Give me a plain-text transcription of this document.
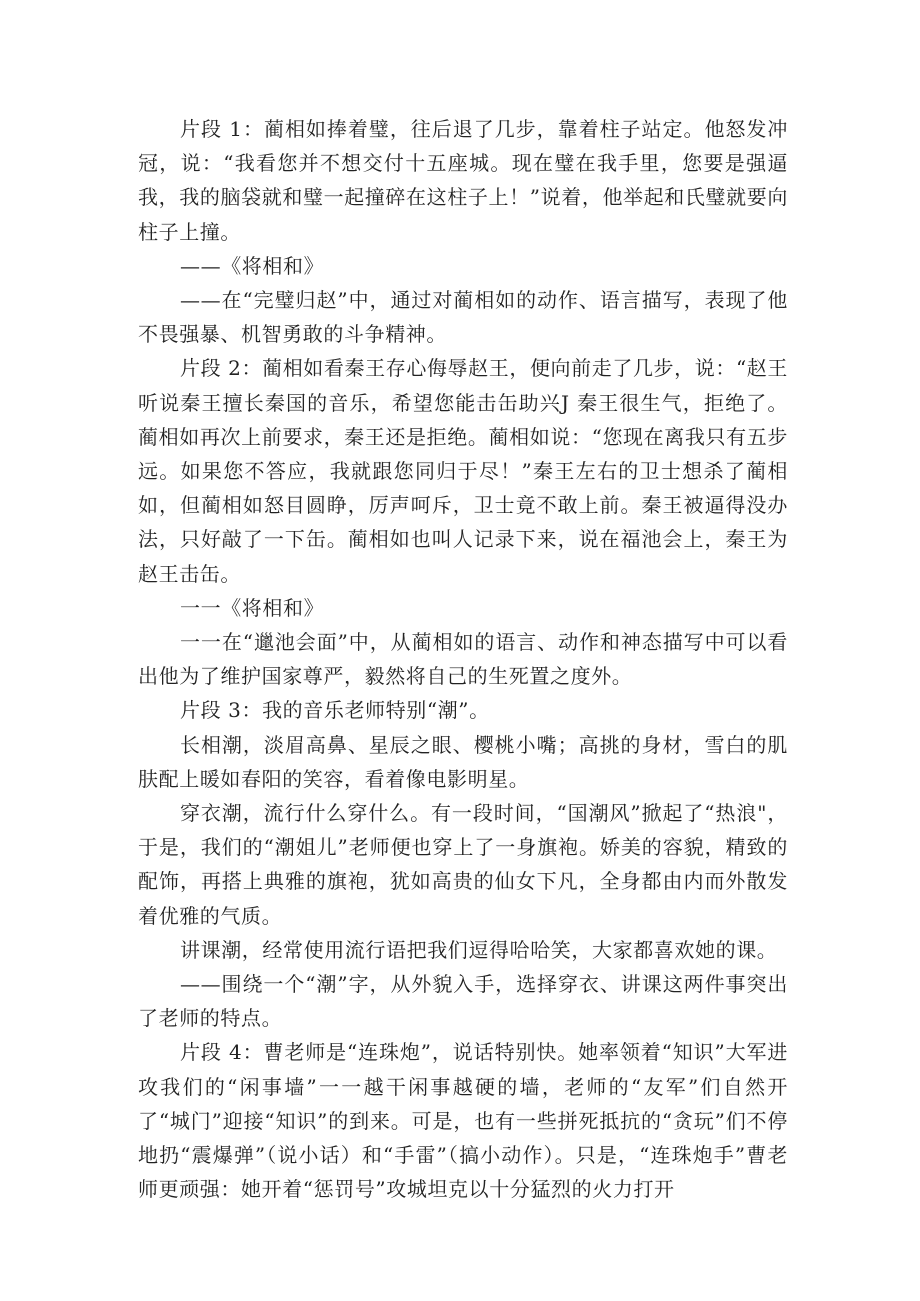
片段 1：蔺相如捧着璧，往后退了几步，靠着柱子站定。他怒发冲冠，说：“我看您并不想交付十五座城。现在璧在我手里，您要是强逼我，我的脑袋就和璧一起撞碎在这柱子上！”说着，他举起和氏璧就要向柱子上撞。

——《将相和》

——在“完璧归赵”中，通过对蔺相如的动作、语言描写，表现了他不畏强暴、机智勇敢的斗争精神。

片段 2：蔺相如看秦王存心侮辱赵王，便向前走了几步，说：“赵王听说秦王擅长秦国的音乐，希望您能击缶助兴J 秦王很生气，拒绝了。蔺相如再次上前要求，秦王还是拒绝。蔺相如说：“您现在离我只有五步远。如果您不答应，我就跟您同归于尽！”秦王左右的卫士想杀了蔺相如，但蔺相如怒目圆睁，厉声呵斥，卫士竟不敢上前。秦王被逼得没办法，只好敲了一下缶。蔺相如也叫人记录下来，说在福池会上，秦王为赵王击缶。

一一《将相和》

一一在“邋池会面”中，从蔺相如的语言、动作和神态描写中可以看出他为了维护国家尊严，毅然将自己的生死置之度外。

片段 3：我的音乐老师特别“潮”。

长相潮，淡眉高鼻、星辰之眼、樱桃小嘴；高挑的身材，雪白的肌肤配上暖如春阳的笑容，看着像电影明星。

穿衣潮，流行什么穿什么。有一段时间，“国潮风”掀起了“热浪"，于是，我们的“潮姐儿”老师便也穿上了一身旗袍。娇美的容貌，精致的配饰，再搭上典雅的旗袍，犹如高贵的仙女下凡，全身都由内而外散发着优雅的气质。

讲课潮，经常使用流行语把我们逗得哈哈笑，大家都喜欢她的课。

——围绕一个“潮”字，从外貌入手，选择穿衣、讲课这两件事突出了老师的特点。

片段 4：曹老师是“连珠炮”，说话特别快。她率领着“知识”大军进攻我们的“闲事墙”一一越干闲事越硬的墙，老师的“友军”们自然开了“城门”迎接“知识”的到来。可是，也有一些拼死抵抗的“贪玩”们不停地扔“震爆弹”（说小话）和“手雷”（搞小动作）。只是，“连珠炮手”曹老师更顽强：她开着“惩罚号”攻城坦克以十分猛烈的火力打开
